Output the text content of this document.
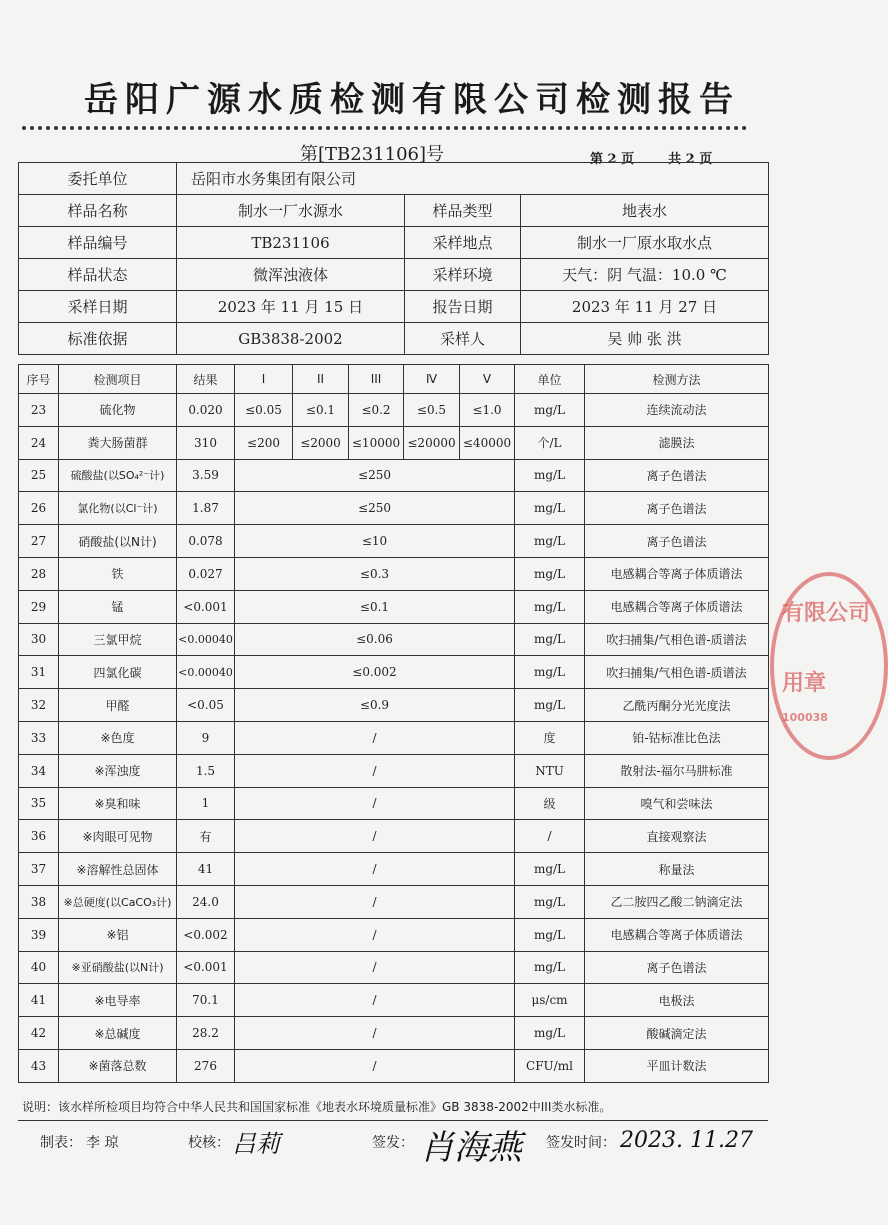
岳阳广源水质检测有限公司检测报告
第[TB231106]号	第 2 页	共 2 页
委托单位	岳阳市水务集团有限公司		
样品名称	制水一厂水源水	样品类型	地表水
样品编号	TB231106	采样地点	制水一厂原水取水点
样品状态	微浑浊液体	采样环境	天气：阴 气温：10.0 ℃
采样日期	2023 年 11 月 15 日	报告日期	2023 年 11 月 27 日
标准依据	GB3838-2002	采样人	吴 帅 张 洪
序号	检测项目	结果	I	II	III	Ⅳ	V	单位	检测方法
23	硫化物	0.020	≤0.05	≤0.1	≤0.2	≤0.5	≤1.0	mg/L	连续流动法
24	粪大肠菌群	310	≤200	≤2000	≤10000	≤20000	≤40000	个/L	滤膜法
25	硫酸盐(以SO₄²⁻计)	3.59	≤250					mg/L	离子色谱法
26	氯化物(以Cl⁻计)	1.87	≤250					mg/L	离子色谱法
27	硝酸盐(以N计)	0.078	≤10					mg/L	离子色谱法
28	铁	0.027	≤0.3					mg/L	电感耦合等离子体质谱法
29	锰	<0.001	≤0.1					mg/L	电感耦合等离子体质谱法
30	三氯甲烷	<0.00040	≤0.06					mg/L	吹扫捕集/气相色谱-质谱法
31	四氯化碳	<0.00040	≤0.002					mg/L	吹扫捕集/气相色谱-质谱法
32	甲醛	<0.05	≤0.9					mg/L	乙酰丙酮分光光度法
33	※色度	9	/					度	铂-钴标准比色法
34	※浑浊度	1.5	/					NTU	散射法-福尔马肼标准
35	※臭和味	1	/					级	嗅气和尝味法
36	※肉眼可见物	有	/					/	直接观察法
37	※溶解性总固体	41	/					mg/L	称量法
38	※总硬度(以CaCO₃计)	24.0	/					mg/L	乙二胺四乙酸二钠滴定法
39	※铝	<0.002	/					mg/L	电感耦合等离子体质谱法
40	※亚硝酸盐(以N计)	<0.001	/					mg/L	离子色谱法
41	※电导率	70.1	/					μs/cm	电极法
42	※总碱度	28.2	/					mg/L	酸碱滴定法
43	※菌落总数	276	/					CFU/ml	平皿计数法
说明：该水样所检项目均符合中华人民共和国国家标准《地表水环境质量标准》GB 3838-2002中III类水标准。
制表： 李 琼	校核： 吕莉	签发： 肖海燕 签发时间： 2023. 11.27
有限公司
用章
100038
